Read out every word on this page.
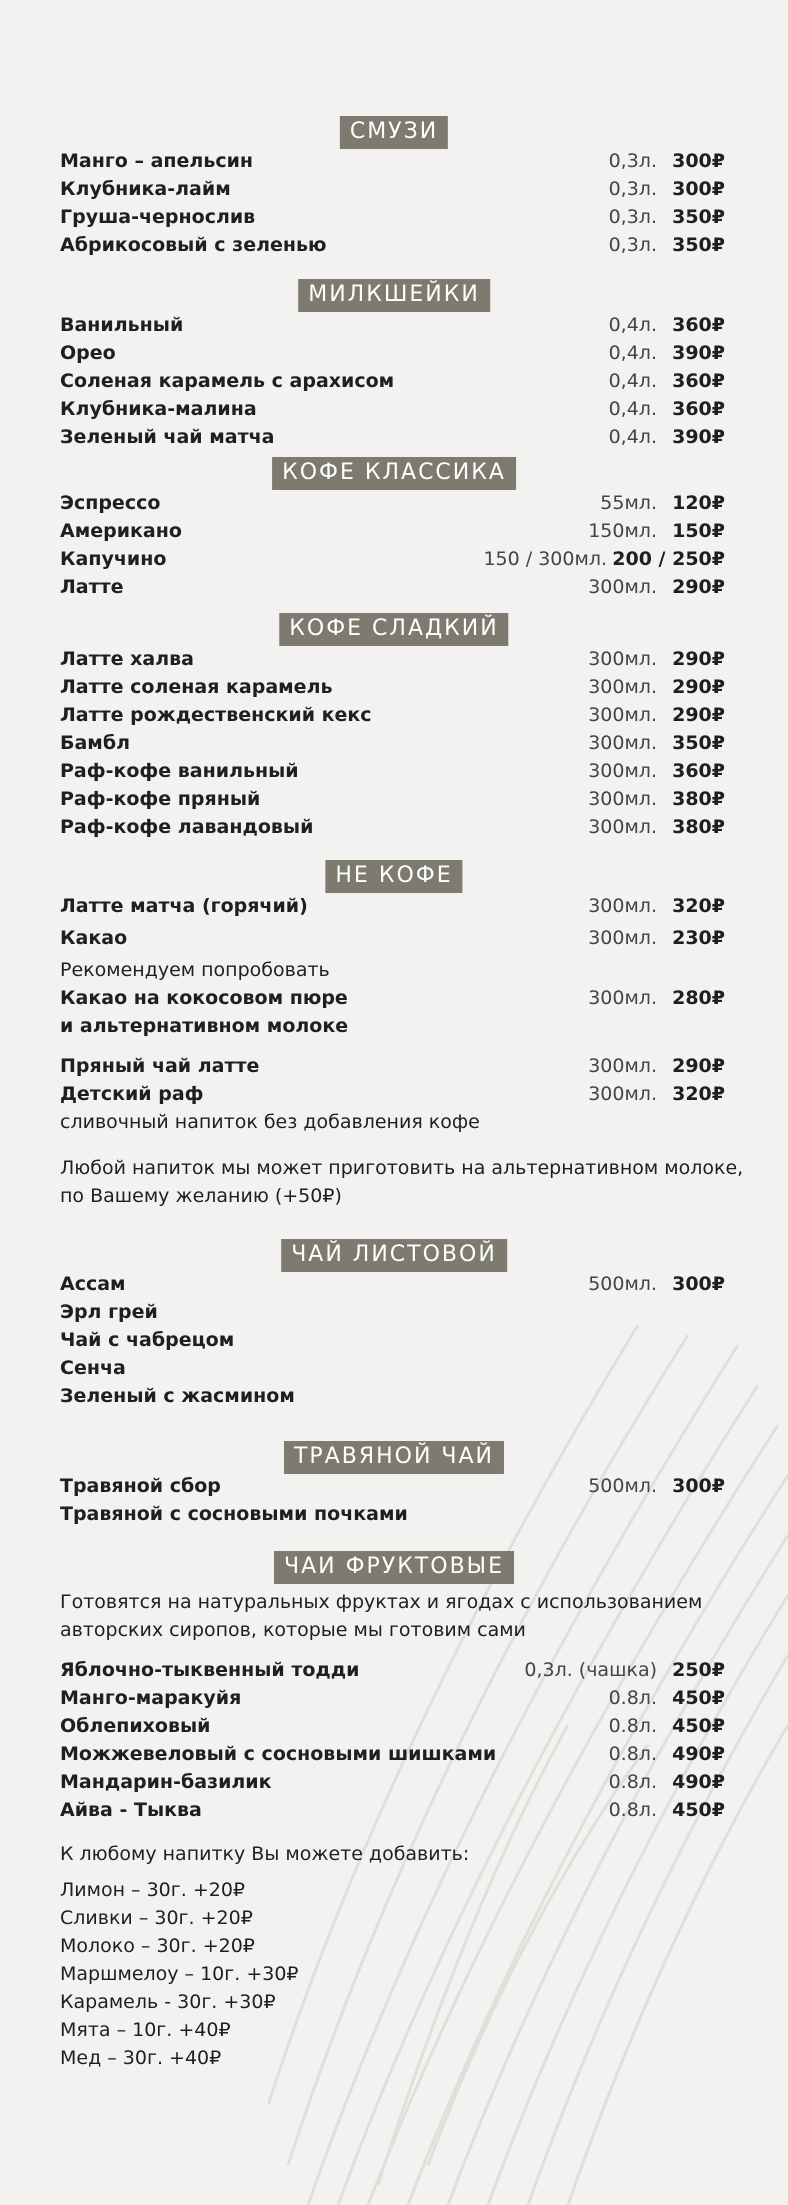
СМУЗИ
Манго – апельсин	0,3л. 300₽
Клубника-лайм	0,3л. 300₽
Груша-чернослив	0,3л. 350₽
Абрикосовый с зеленью	0,3л. 350₽
МИЛКШЕЙКИ
Ванильный	0,4л. 360₽
Орео	0,4л. 390₽
Соленая карамель с арахисом	0,4л. 360₽
Клубника-малина	0,4л. 360₽
Зеленый чай матча	0,4л. 390₽
КОФЕ КЛАССИКА
Эспрессо	55мл. 120₽
Американо	150мл. 150₽
Капучино	150 / 300мл. 200 / 250₽
Латте	300мл. 290₽
КОФЕ СЛАДКИЙ
Латте халва	300мл. 290₽
Латте соленая карамель	300мл. 290₽
Латте рождественский кекс	300мл. 290₽
Бамбл	300мл. 350₽
Раф-кофе ванильный	300мл. 360₽
Раф-кофе пряный	300мл. 380₽
Раф-кофе лавандовый	300мл. 380₽
НЕ КОФЕ
Латте матча (горячий)	300мл. 320₽
Какао	300мл. 230₽
Рекомендуем попробовать
Какао на кокосовом пюре	300мл. 280₽
и альтернативном молоке
Пряный чай латте	300мл. 290₽
Детский раф	300мл. 320₽
сливочный напиток без добавления кофе
Любой напиток мы может приготовить на альтернативном молоке,
по Вашему желанию (+50₽)
ЧАЙ ЛИСТОВОЙ
Ассам	500мл. 300₽
Эрл грей
Чай с чабрецом
Сенча
Зеленый с жасмином
ТРАВЯНОЙ ЧАЙ
Травяной сбор	500мл. 300₽
Травяной с сосновыми почками
ЧАИ ФРУКТОВЫЕ
Готовятся на натуральных фруктах и ягодах с использованием
авторских сиропов, которые мы готовим сами
Яблочно-тыквенный тодди	0,3л. (чашка) 250₽
Манго-маракуйя	0.8л. 450₽
Облепиховый	0.8л. 450₽
Можжевеловый с сосновыми шишками	0.8л. 490₽
Мандарин-базилик	0.8л. 490₽
Айва - Тыква	0.8л. 450₽
К любому напитку Вы можете добавить:
Лимон – 30г. +20₽
Сливки – 30г. +20₽
Молоко – 30г. +20₽
Маршмелоу – 10г. +30₽
Карамель - 30г. +30₽
Мята – 10г. +40₽
Мед – 30г. +40₽
